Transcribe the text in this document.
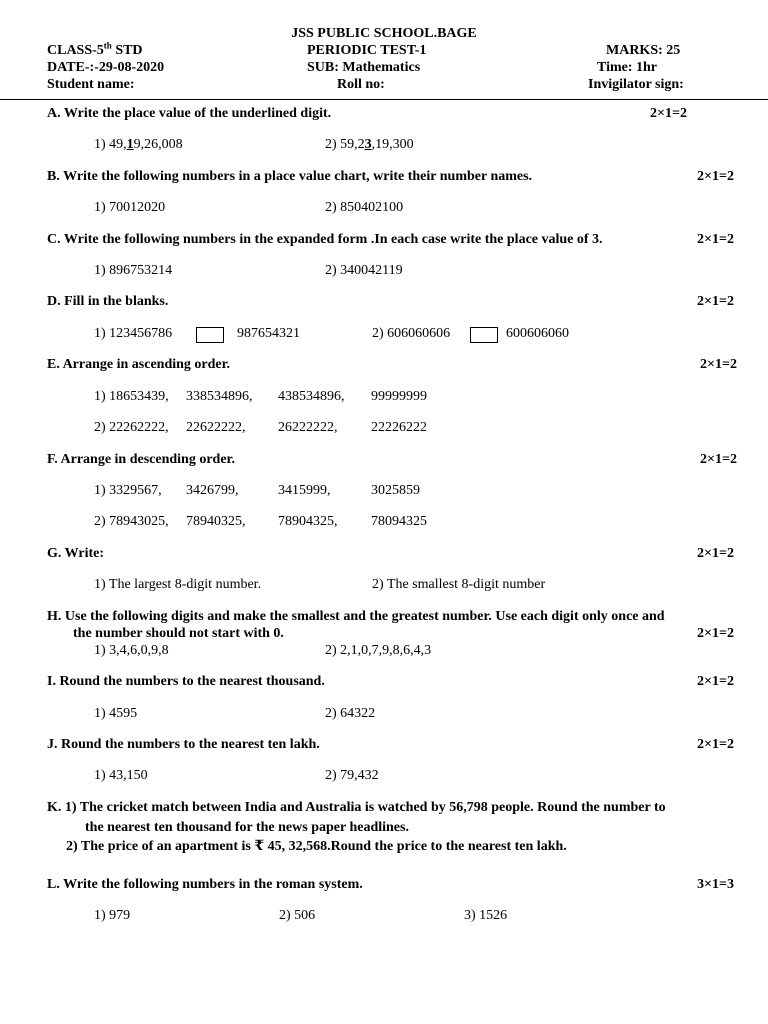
JSS PUBLIC SCHOOL.BAGE
CLASS-5th STD	PERIODIC TEST-1	MARKS: 25
DATE-:-29-08-2020	SUB: Mathematics	Time: 1hr
Student name:	Roll no:	Invigilator sign:
A. Write the place value of the underlined digit.	2×1=2
1) 49,19,26,008	2) 59,23,19,300
B. Write the following numbers in a place value chart, write their number names.	2×1=2
1) 70012020	2) 850402100
C. Write the following numbers in the expanded form .In each case write the place value of 3.	2×1=2
1) 896753214	2) 340042119
D. Fill in the blanks.	2×1=2
1) 123456786	987654321	2) 606060606	600606060
E. Arrange in ascending order.	2×1=2
1) 18653439, 338534896, 438534896, 99999999
2) 22262222, 22622222, 26222222, 22226222
F. Arrange in descending order.	2×1=2
1) 3329567, 3426799,	3415999,	3025859
2) 78943025, 78940325, 78904325, 78094325
G. Write:	2×1=2
1) The largest 8-digit number.	2) The smallest 8-digit number
H. Use the following digits and make the smallest and the greatest number. Use each digit only once and
the number should not start with 0.	2×1=2
1) 3,4,6,0,9,8	2) 2,1,0,7,9,8,6,4,3
I. Round the numbers to the nearest thousand.	2×1=2
1) 4595	2) 64322
J. Round the numbers to the nearest ten lakh.	2×1=2
1) 43,150	2) 79,432
K. 1) The cricket match between India and Australia is watched by 56,798 people. Round the number to
the nearest ten thousand for the news paper headlines.
2) The price of an apartment is ₹ 45, 32,568.Round the price to the nearest ten lakh.
L. Write the following numbers in the roman system.	3×1=3
1) 979	2) 506	3) 1526
